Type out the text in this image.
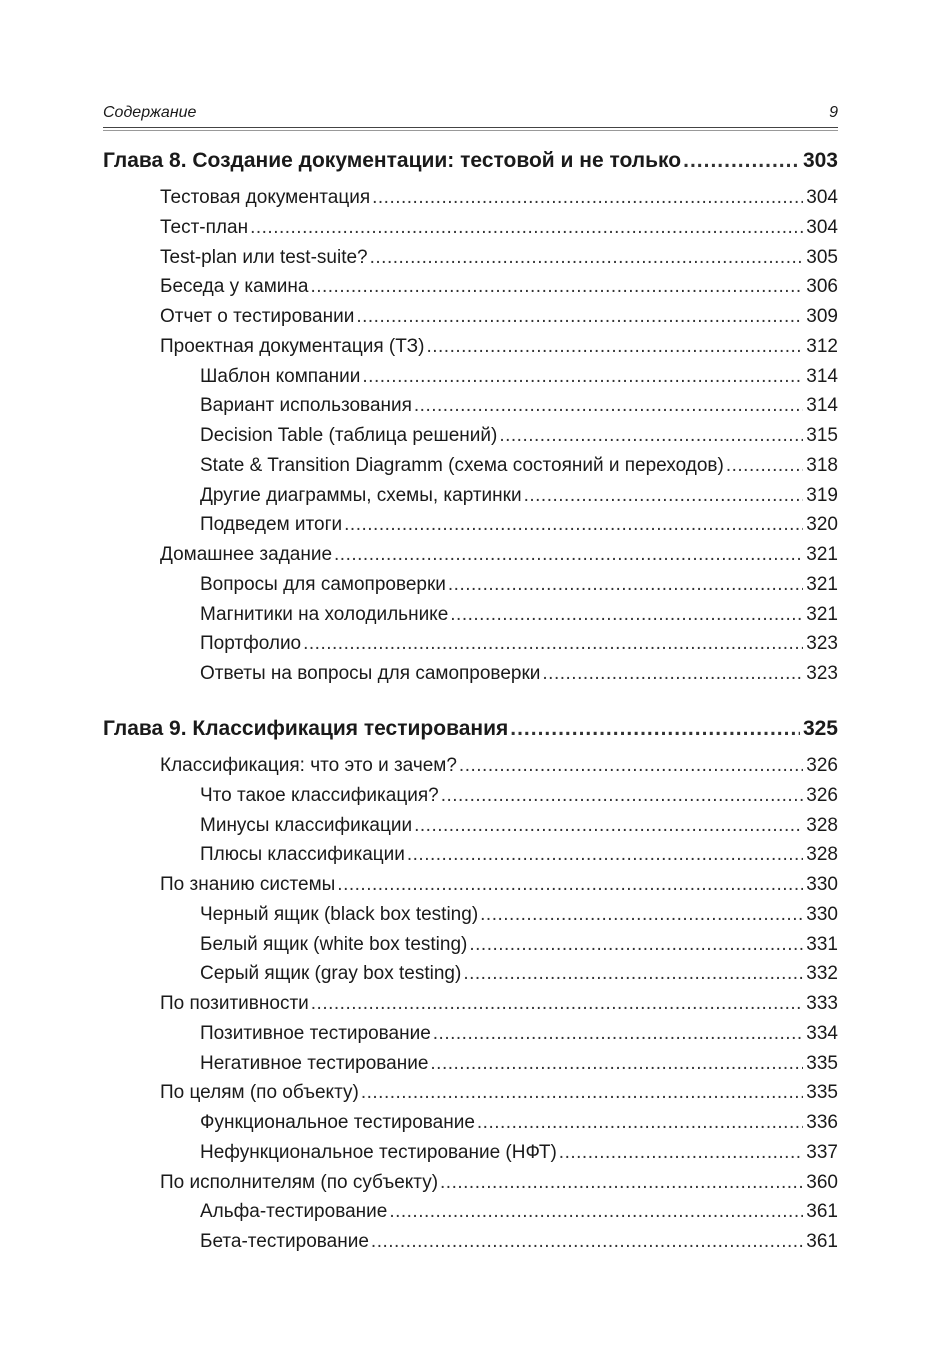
Содержание	9
Глава 8. Создание документации: тестовой и не только .....	303
Тестовая документация .....	304
Тест-план .....	304
Test-plan или test-suite? .....	305
Беседа у камина .....	306
Отчет о тестировании .....	309
Проектная документация (ТЗ) .....	312
Шаблон компании .....	314
Вариант использования .....	314
Decision Table (таблица решений) .....	315
State & Transition Diagramm (схема состояний и переходов) .....	318
Другие диаграммы, схемы, картинки .....	319
Подведем итоги .....	320
Домашнее задание .....	321
Вопросы для самопроверки .....	321
Магнитики на холодильнике .....	321
Портфолио .....	323
Ответы на вопросы для самопроверки .....	323
Глава 9. Классификация тестирования .....	325
Классификация: что это и зачем? .....	326
Что такое классификация? .....	326
Минусы классификации .....	328
Плюсы классификации .....	328
По знанию системы .....	330
Черный ящик (black box testing) .....	330
Белый ящик (white box testing) .....	331
Серый ящик (gray box testing) .....	332
По позитивности .....	333
Позитивное тестирование .....	334
Негативное тестирование .....	335
По целям (по объекту) .....	335
Функциональное тестирование .....	336
Нефункциональное тестирование (НФТ) .....	337
По исполнителям (по субъекту) .....	360
Альфа-тестирование .....	361
Бета-тестирование .....	361
